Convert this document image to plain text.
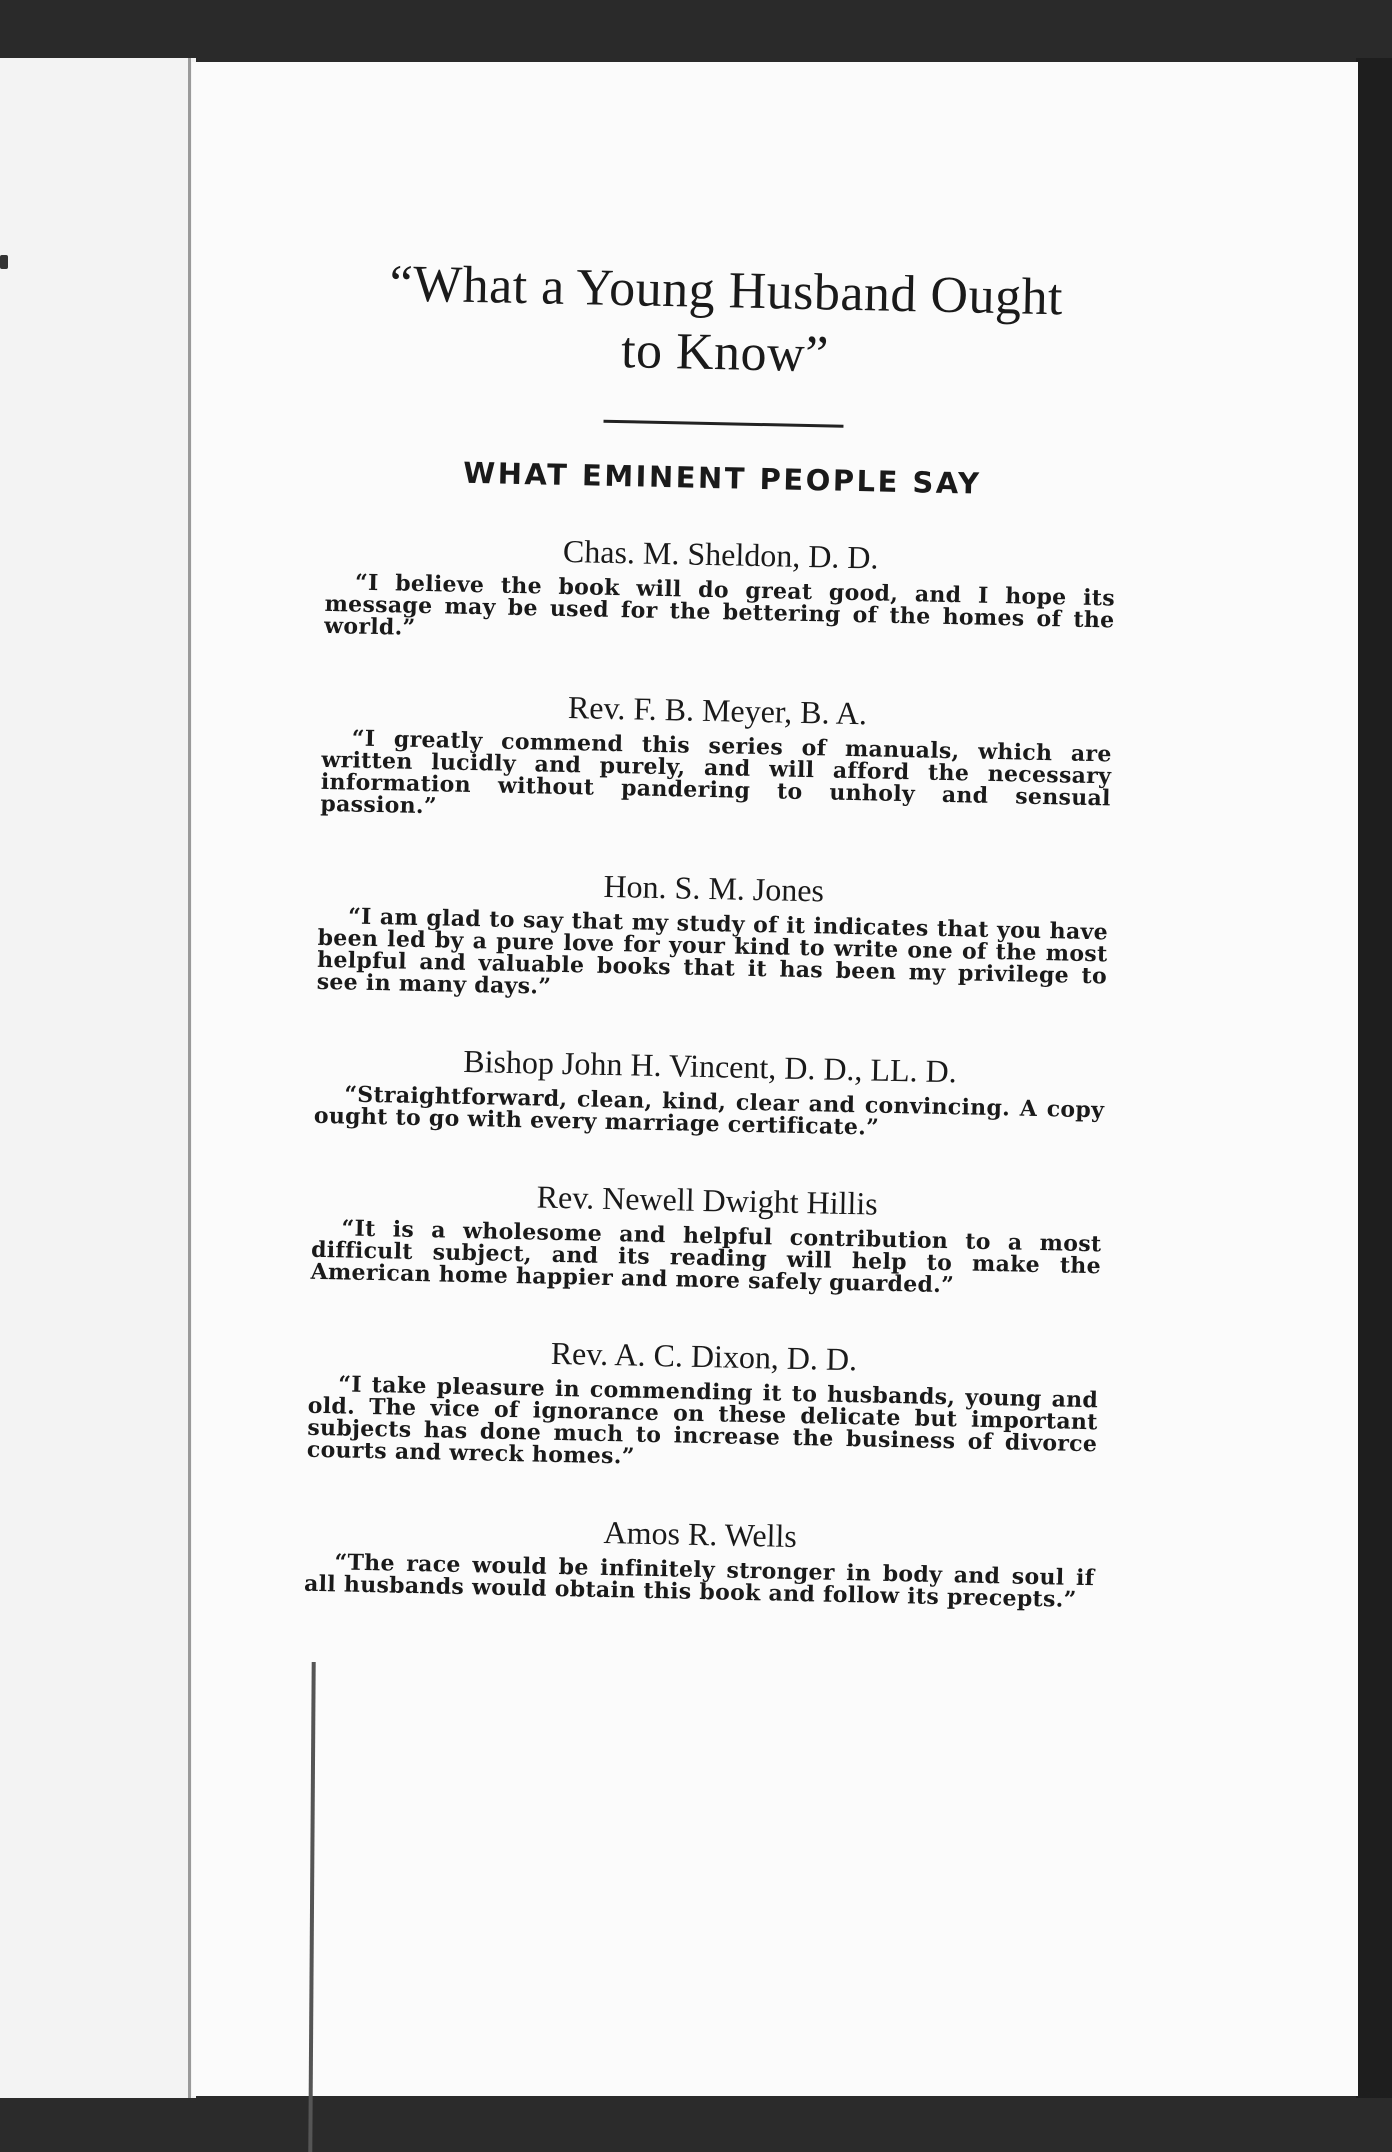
“What a Young Husband Ought
to Know”
WHAT EMINENT PEOPLE SAY
Chas. M. Sheldon, D. D.

“I believe the book will do great good, and I hope its message may be used for the bettering of the homes of the world.”

Rev. F. B. Meyer, B. A.

“I greatly commend this series of manuals, which are written lucidly and purely, and will afford the necessary information without pandering to unholy and sensual passion.”

Hon. S. M. Jones

“I am glad to say that my study of it indicates that you have been led by a pure love for your kind to write one of the most helpful and valuable books that it has been my privilege to see in many days.”

Bishop John H. Vincent, D. D., LL. D.

“Straightforward, clean, kind, clear and convincing. A copy ought to go with every marriage certificate.”

Rev. Newell Dwight Hillis

“It is a wholesome and helpful contribution to a most difficult subject, and its reading will help to make the American home happier and more safely guarded.”

Rev. A. C. Dixon, D. D.

“I take pleasure in commending it to husbands, young and old. The vice of ignorance on these delicate but important subjects has done much to increase the business of divorce courts and wreck homes.”

Amos R. Wells

“The race would be infinitely stronger in body and soul if all husbands would obtain this book and follow its precepts.”
